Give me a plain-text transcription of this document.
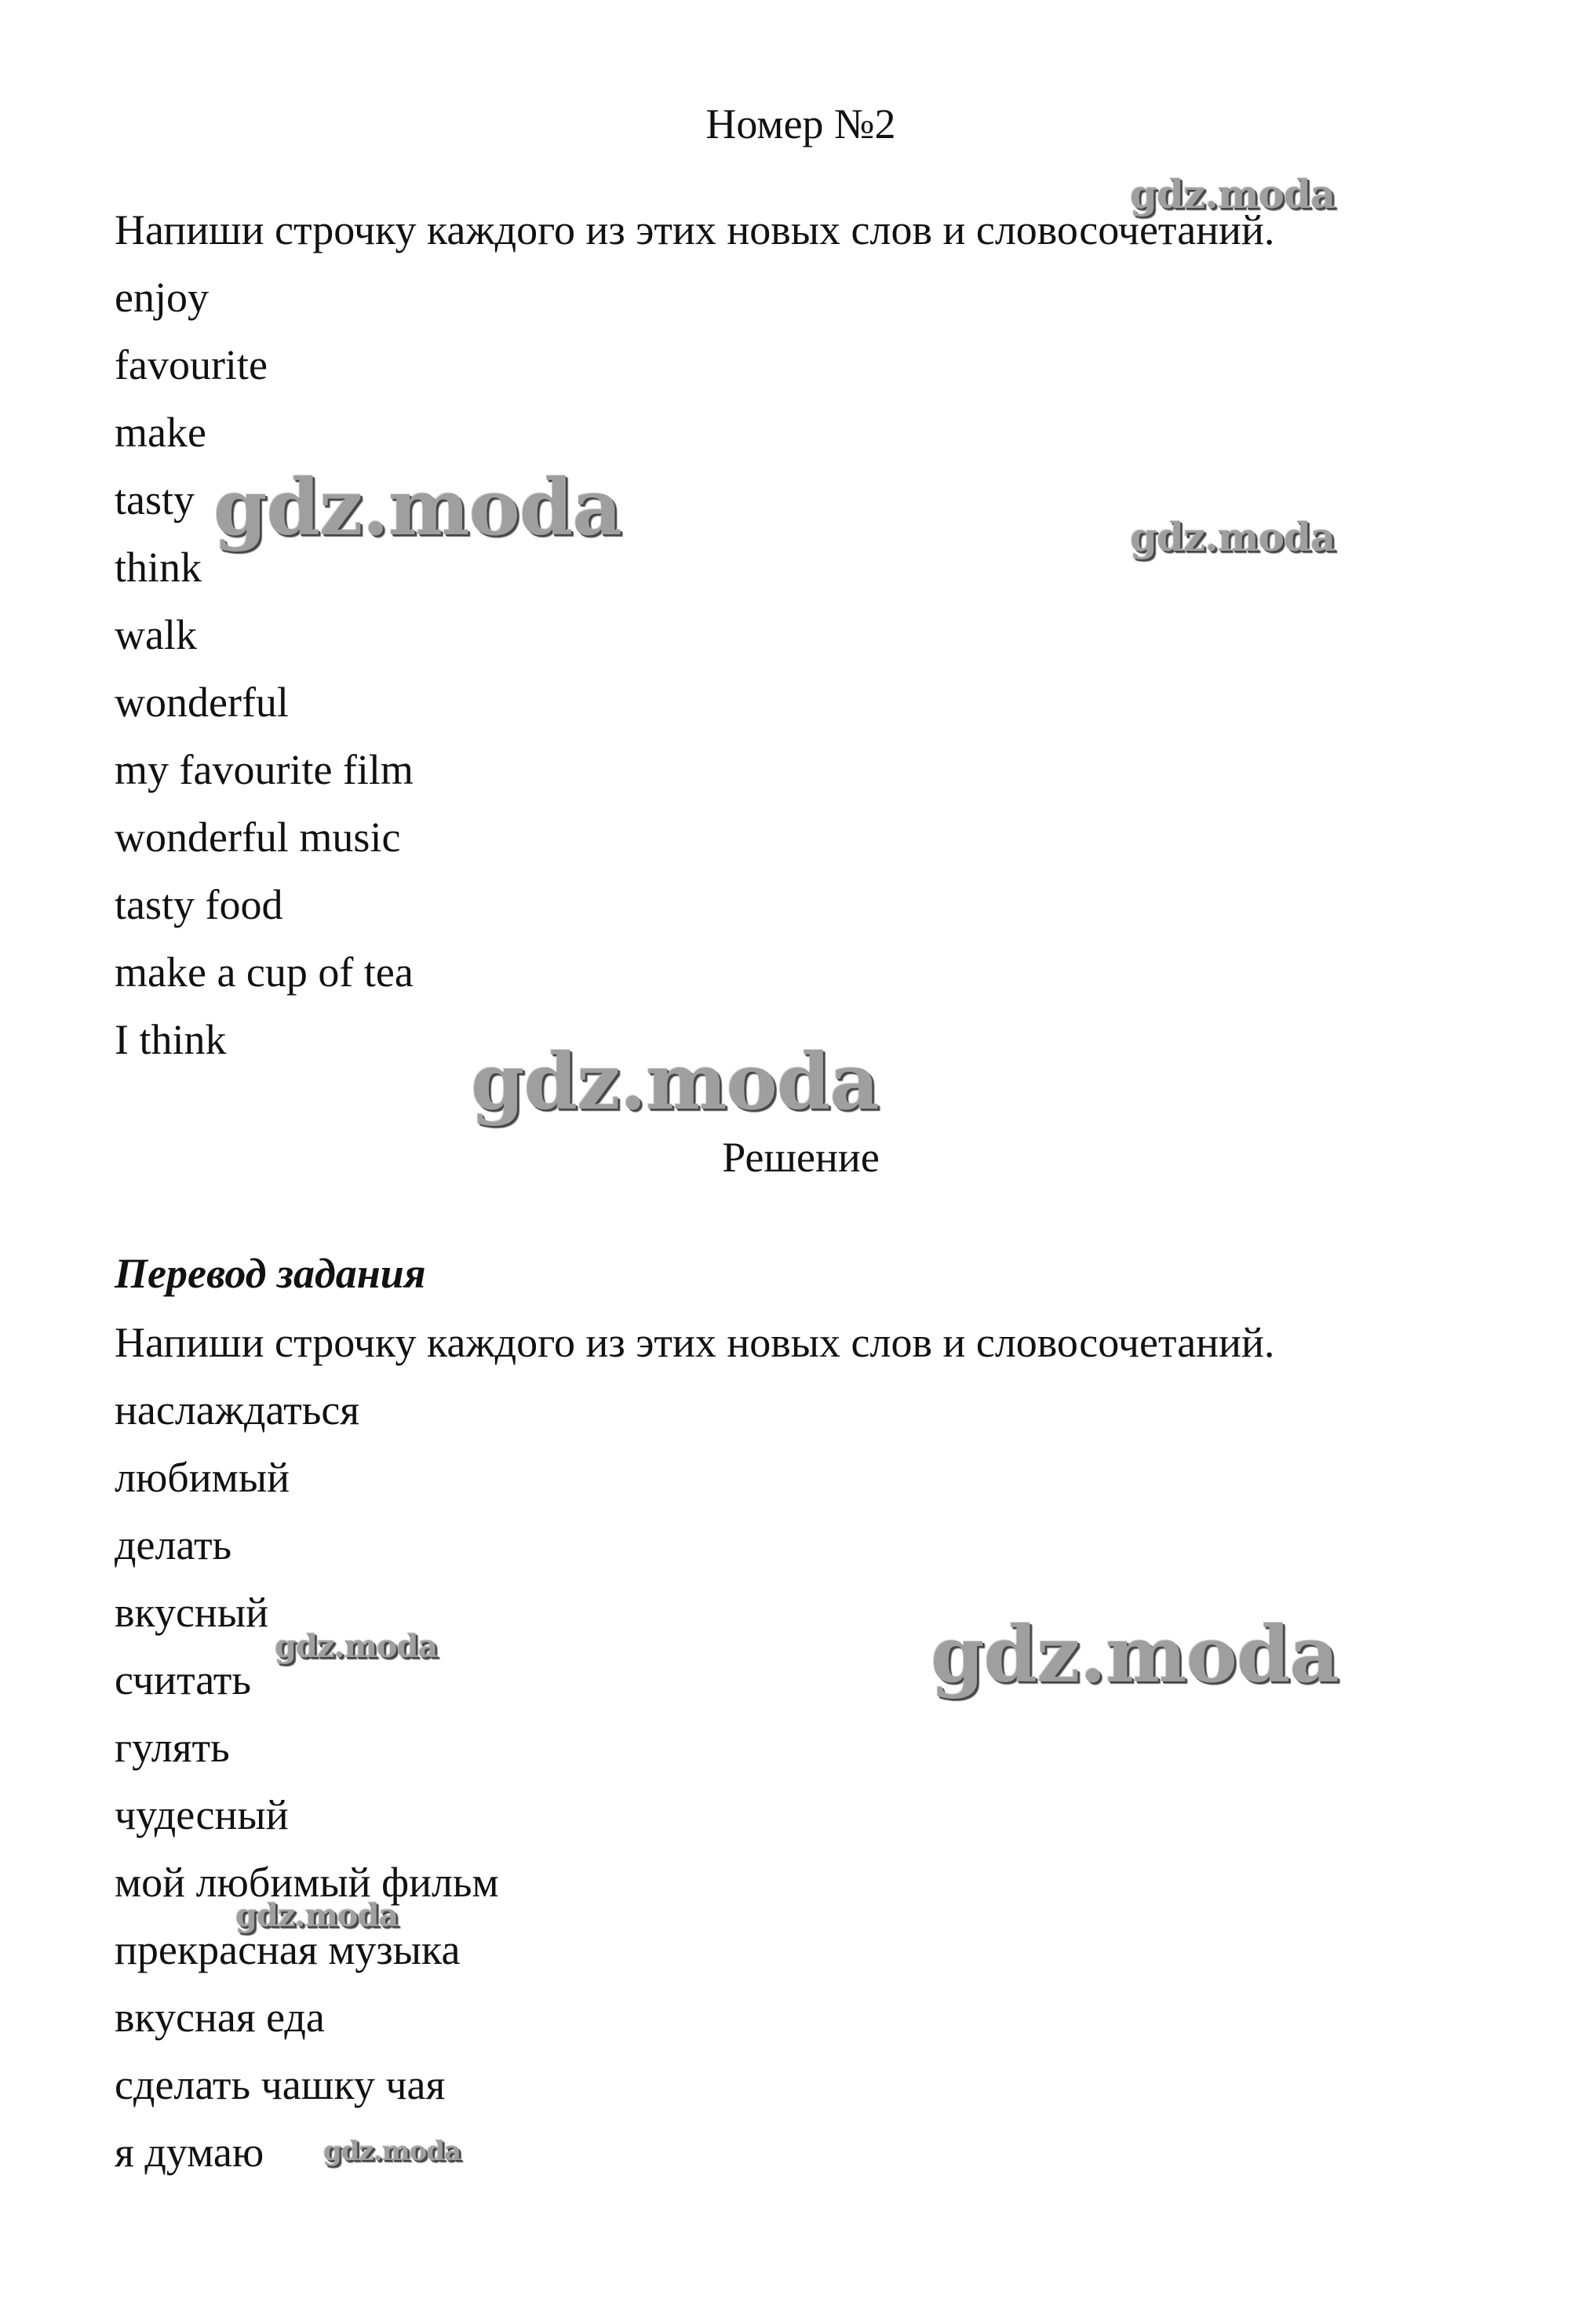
Номер №2
Напиши строчку каждого из этих новых слов и словосочетаний.
enjoy
favourite
make
tasty
think
walk
wonderful
my favourite film
wonderful music
tasty food
make a cup of tea
I think
Решение
Перевод задания
Напиши строчку каждого из этих новых слов и словосочетаний.
наслаждаться
любимый
делать
вкусный
считать
гулять
чудесный
мой любимый фильм
прекрасная музыка
вкусная еда
сделать чашку чая
я думаю
gdz.moda
gdz.moda	gdz.moda
gdz.moda
gdz.moda	gdz.moda
gdz.moda
gdz.moda
